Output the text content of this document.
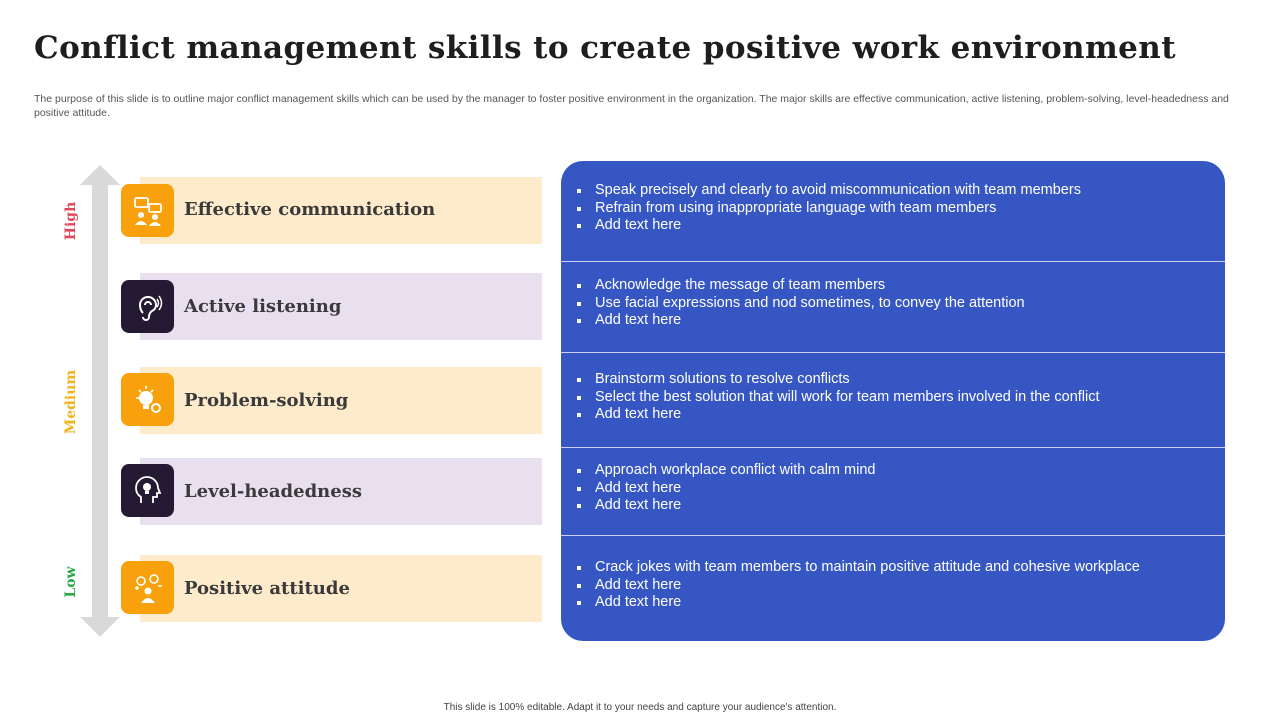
Conflict management skills to create positive work environment
The purpose of this slide is to outline major conflict management skills which can be used by the manager to foster positive environment in the organization. The major skills are effective communication, active listening, problem-solving, level-headedness and positive attitude.
High
Medium
Low
Effective communication
Active listening
Problem-solving
Level-headedness
Positive attitude
Speak precisely and clearly to avoid miscommunication with team members
Refrain from using inappropriate language with team members
Add text here
Acknowledge the message of team members
Use facial expressions and nod sometimes, to convey the attention
Add text here
Brainstorm solutions to resolve conflicts
Select the best solution that will work for team members involved in the conflict
Add text here
Approach workplace conflict with calm mind
Add text here
Add text here
Crack jokes with team members to maintain positive attitude and cohesive workplace
Add text here
Add text here
This slide is 100% editable. Adapt it to your needs and capture your audience's attention.
